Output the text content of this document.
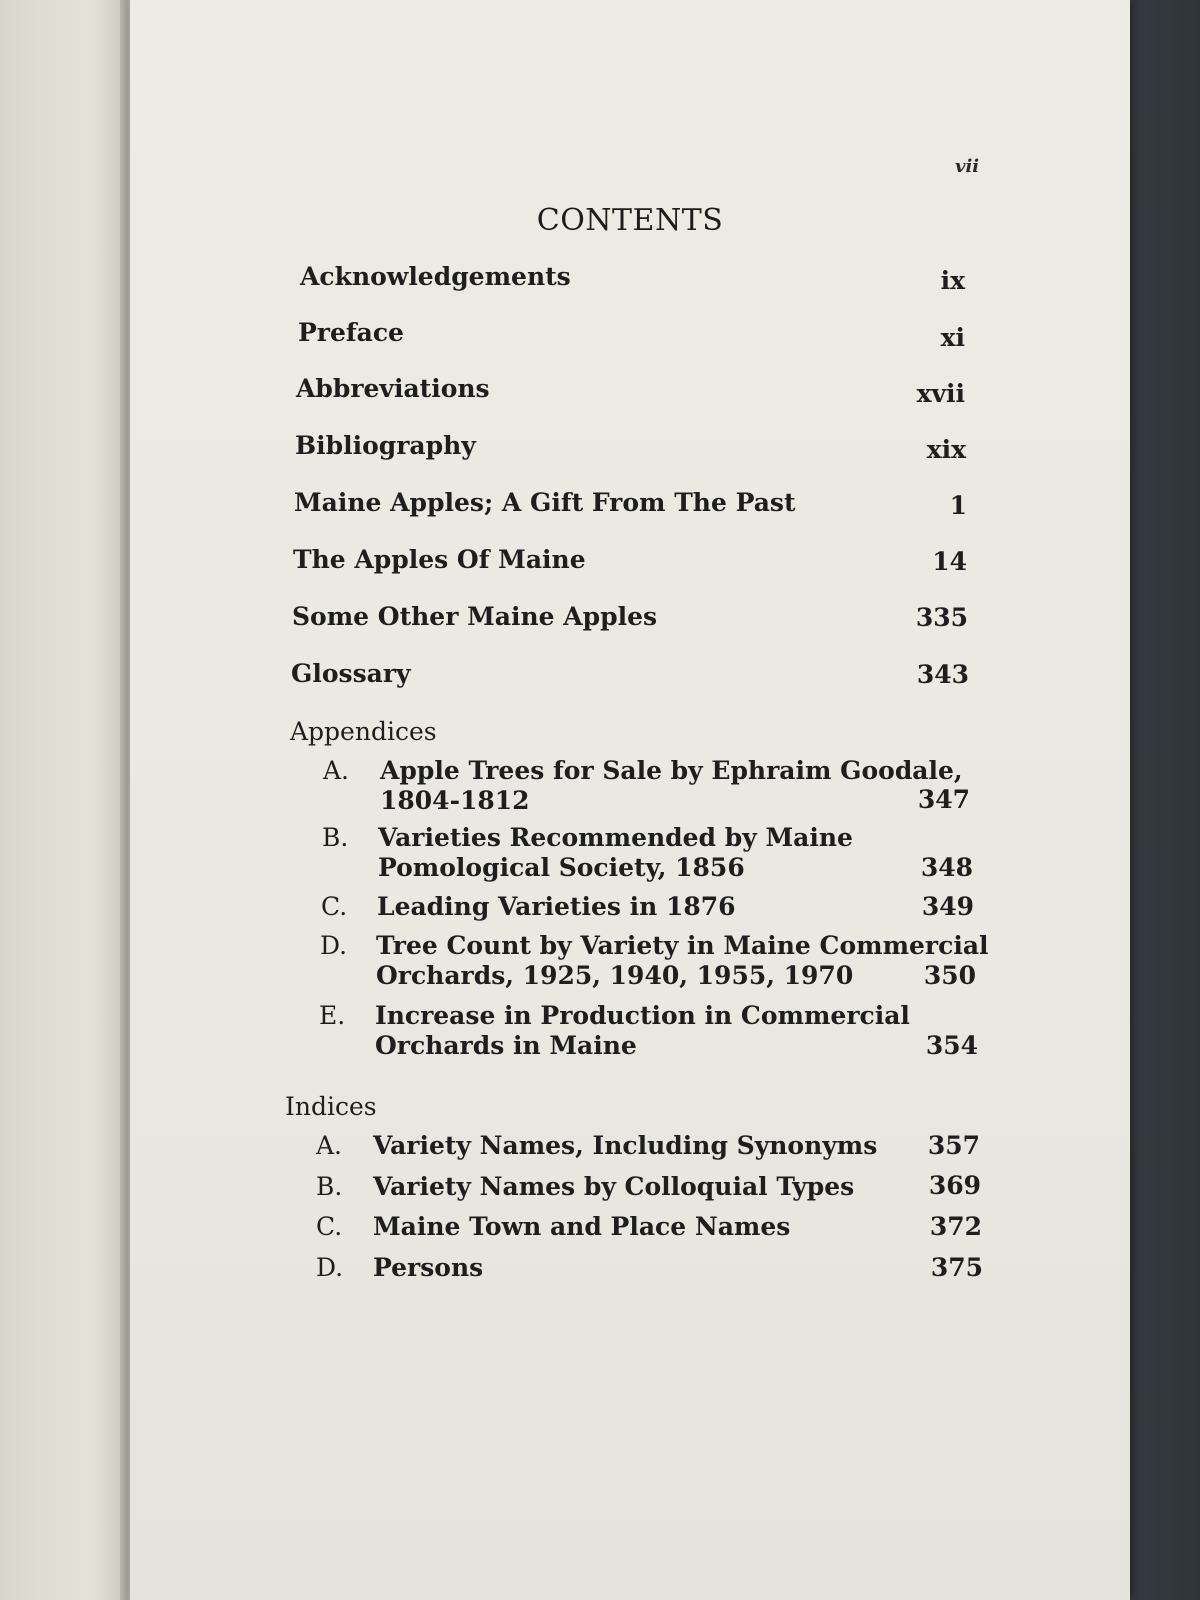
vii
CONTENTS
Acknowledgements	ix
Preface	xi
Abbreviations	xvii
Bibliography	xix
Maine Apples; A Gift From The Past	1
The Apples Of Maine	14
Some Other Maine Apples	335
Glossary	343
Appendices
A. Apple Trees for Sale by Ephraim Goodale,
1804-1812	347
B. Varieties Recommended by Maine
Pomological Society, 1856	348
C. Leading Varieties in 1876	349
D. Tree Count by Variety in Maine Commercial
Orchards, 1925, 1940, 1955, 1970	350
E. Increase in Production in Commercial
Orchards in Maine	354
Indices
A. Variety Names, Including Synonyms	357
B. Variety Names by Colloquial Types	369
C. Maine Town and Place Names	372
D. Persons	375
